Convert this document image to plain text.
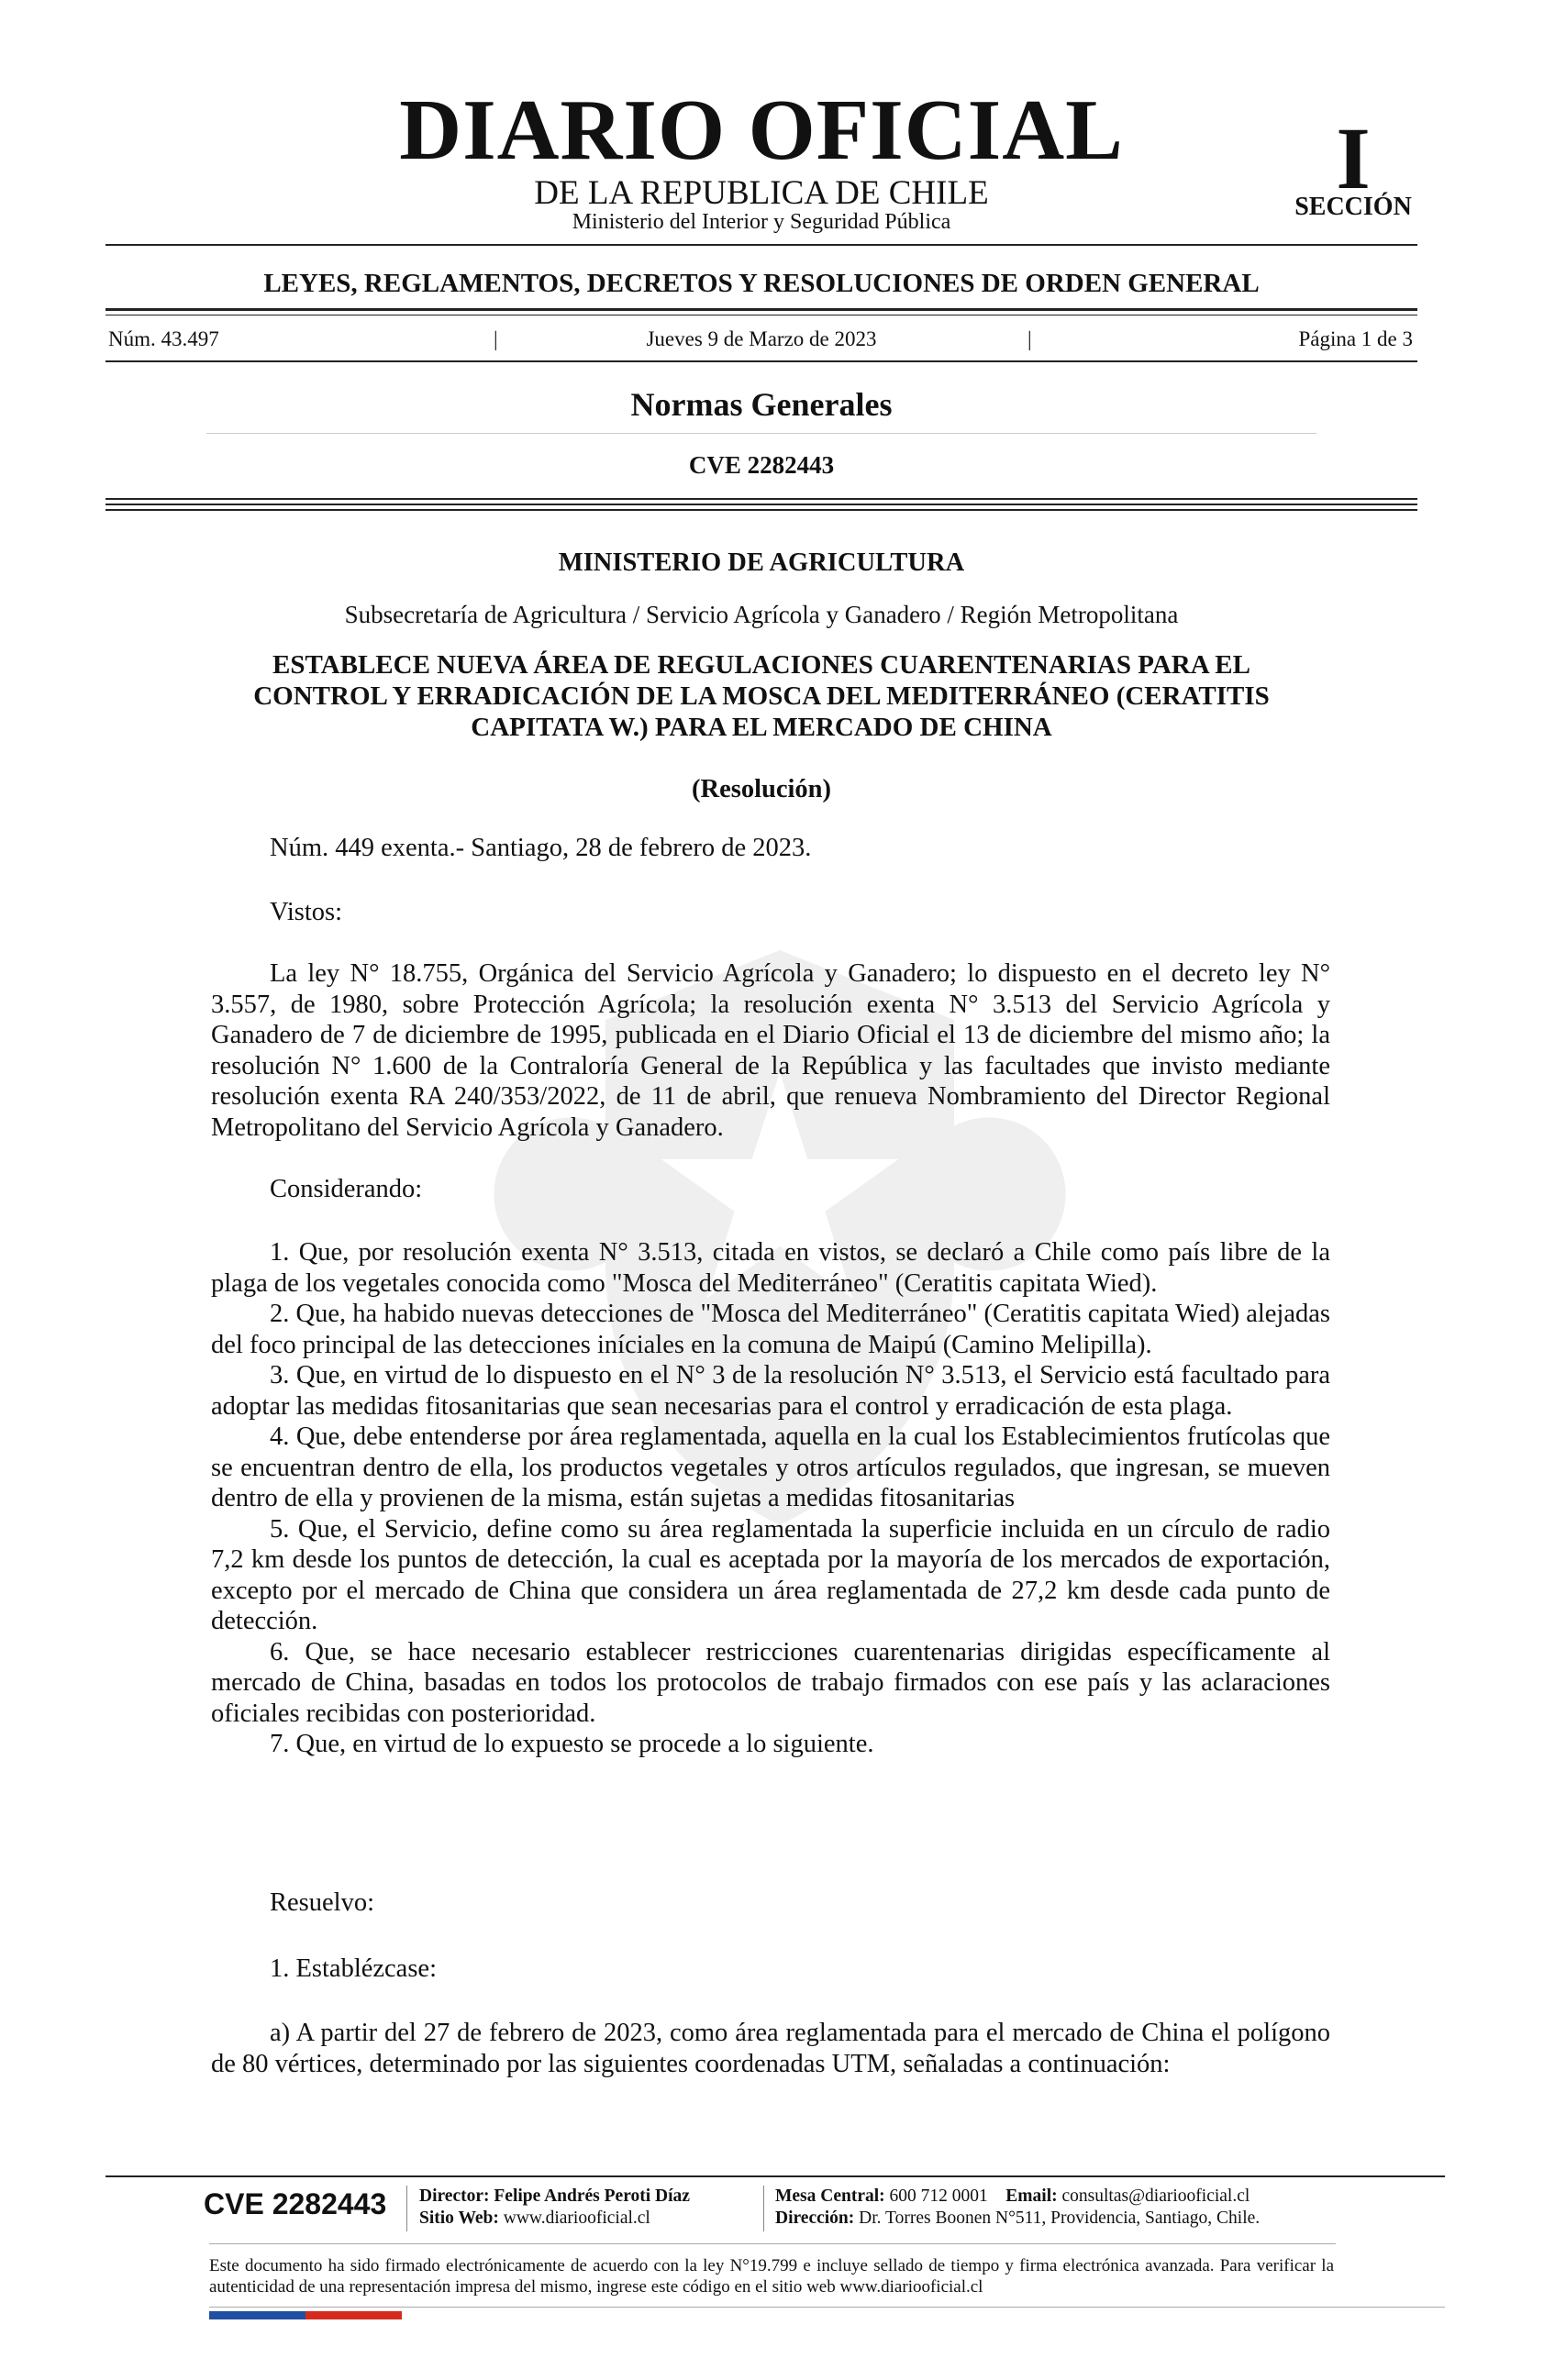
DIARIO OFICIAL
DE LA REPUBLICA DE CHILE
Ministerio del Interior y Seguridad Pública
I
SECCIÓN
LEYES, REGLAMENTOS, DECRETOS Y RESOLUCIONES DE ORDEN GENERAL
Núm. 43.497	|	Jueves 9 de Marzo de 2023	|	Página 1 de 3
Normas Generales
CVE 2282443
MINISTERIO DE AGRICULTURA
Subsecretaría de Agricultura / Servicio Agrícola y Ganadero / Región Metropolitana
ESTABLECE NUEVA ÁREA DE REGULACIONES CUARENTENARIAS PARA EL CONTROL Y ERRADICACIÓN DE LA MOSCA DEL MEDITERRÁNEO (CERATITIS CAPITATA W.) PARA EL MERCADO DE CHINA
(Resolución)
Núm. 449 exenta.- Santiago, 28 de febrero de 2023.
Vistos:

La ley N° 18.755, Orgánica del Servicio Agrícola y Ganadero; lo dispuesto en el decreto ley N° 3.557, de 1980, sobre Protección Agrícola; la resolución exenta N° 3.513 del Servicio Agrícola y Ganadero de 7 de diciembre de 1995, publicada en el Diario Oficial el 13 de diciembre del mismo año; la resolución N° 1.600 de la Contraloría General de la República y las facultades que invisto mediante resolución exenta RA 240/353/2022, de 11 de abril, que renueva Nombramiento del Director Regional Metropolitano del Servicio Agrícola y Ganadero.

Considerando:

1. Que, por resolución exenta N° 3.513, citada en vistos, se declaró a Chile como país libre de la plaga de los vegetales conocida como "Mosca del Mediterráneo" (Ceratitis capitata Wied).

2. Que, ha habido nuevas detecciones de "Mosca del Mediterráneo" (Ceratitis capitata Wied) alejadas del foco principal de las detecciones iníciales en la comuna de Maipú (Camino Melipilla).

3. Que, en virtud de lo dispuesto en el N° 3 de la resolución N° 3.513, el Servicio está facultado para adoptar las medidas fitosanitarias que sean necesarias para el control y erradicación de esta plaga.

4. Que, debe entenderse por área reglamentada, aquella en la cual los Establecimientos frutícolas que se encuentran dentro de ella, los productos vegetales y otros artículos regulados, que ingresan, se mueven dentro de ella y provienen de la misma, están sujetas a medidas fitosanitarias

5. Que, el Servicio, define como su área reglamentada la superficie incluida en un círculo de radio 7,2 km desde los puntos de detección, la cual es aceptada por la mayoría de los mercados de exportación, excepto por el mercado de China que considera un área reglamentada de 27,2 km desde cada punto de detección.

6. Que, se hace necesario establecer restricciones cuarentenarias dirigidas específicamente al mercado de China, basadas en todos los protocolos de trabajo firmados con ese país y las aclaraciones oficiales recibidas con posterioridad.

7. Que, en virtud de lo expuesto se procede a lo siguiente.

Resuelvo:
1. Establézcase:

a) A partir del 27 de febrero de 2023, como área reglamentada para el mercado de China el polígono de 80 vértices, determinado por las siguientes coordenadas UTM, señaladas a continuación:

CVE 2282443 Director: Felipe Andrés Peroti Díaz
Sitio Web: www.diariooficial.cl
Mesa Central: 600 712 0001 Email: consultas@diariooficial.cl
Dirección: Dr. Torres Boonen N°511, Providencia, Santiago, Chile.
Este documento ha sido firmado electrónicamente de acuerdo con la ley N°19.799 e incluye sellado de tiempo y firma electrónica avanzada. Para verificar la autenticidad de una representación impresa del mismo, ingrese este código en el sitio web www.diariooficial.cl
